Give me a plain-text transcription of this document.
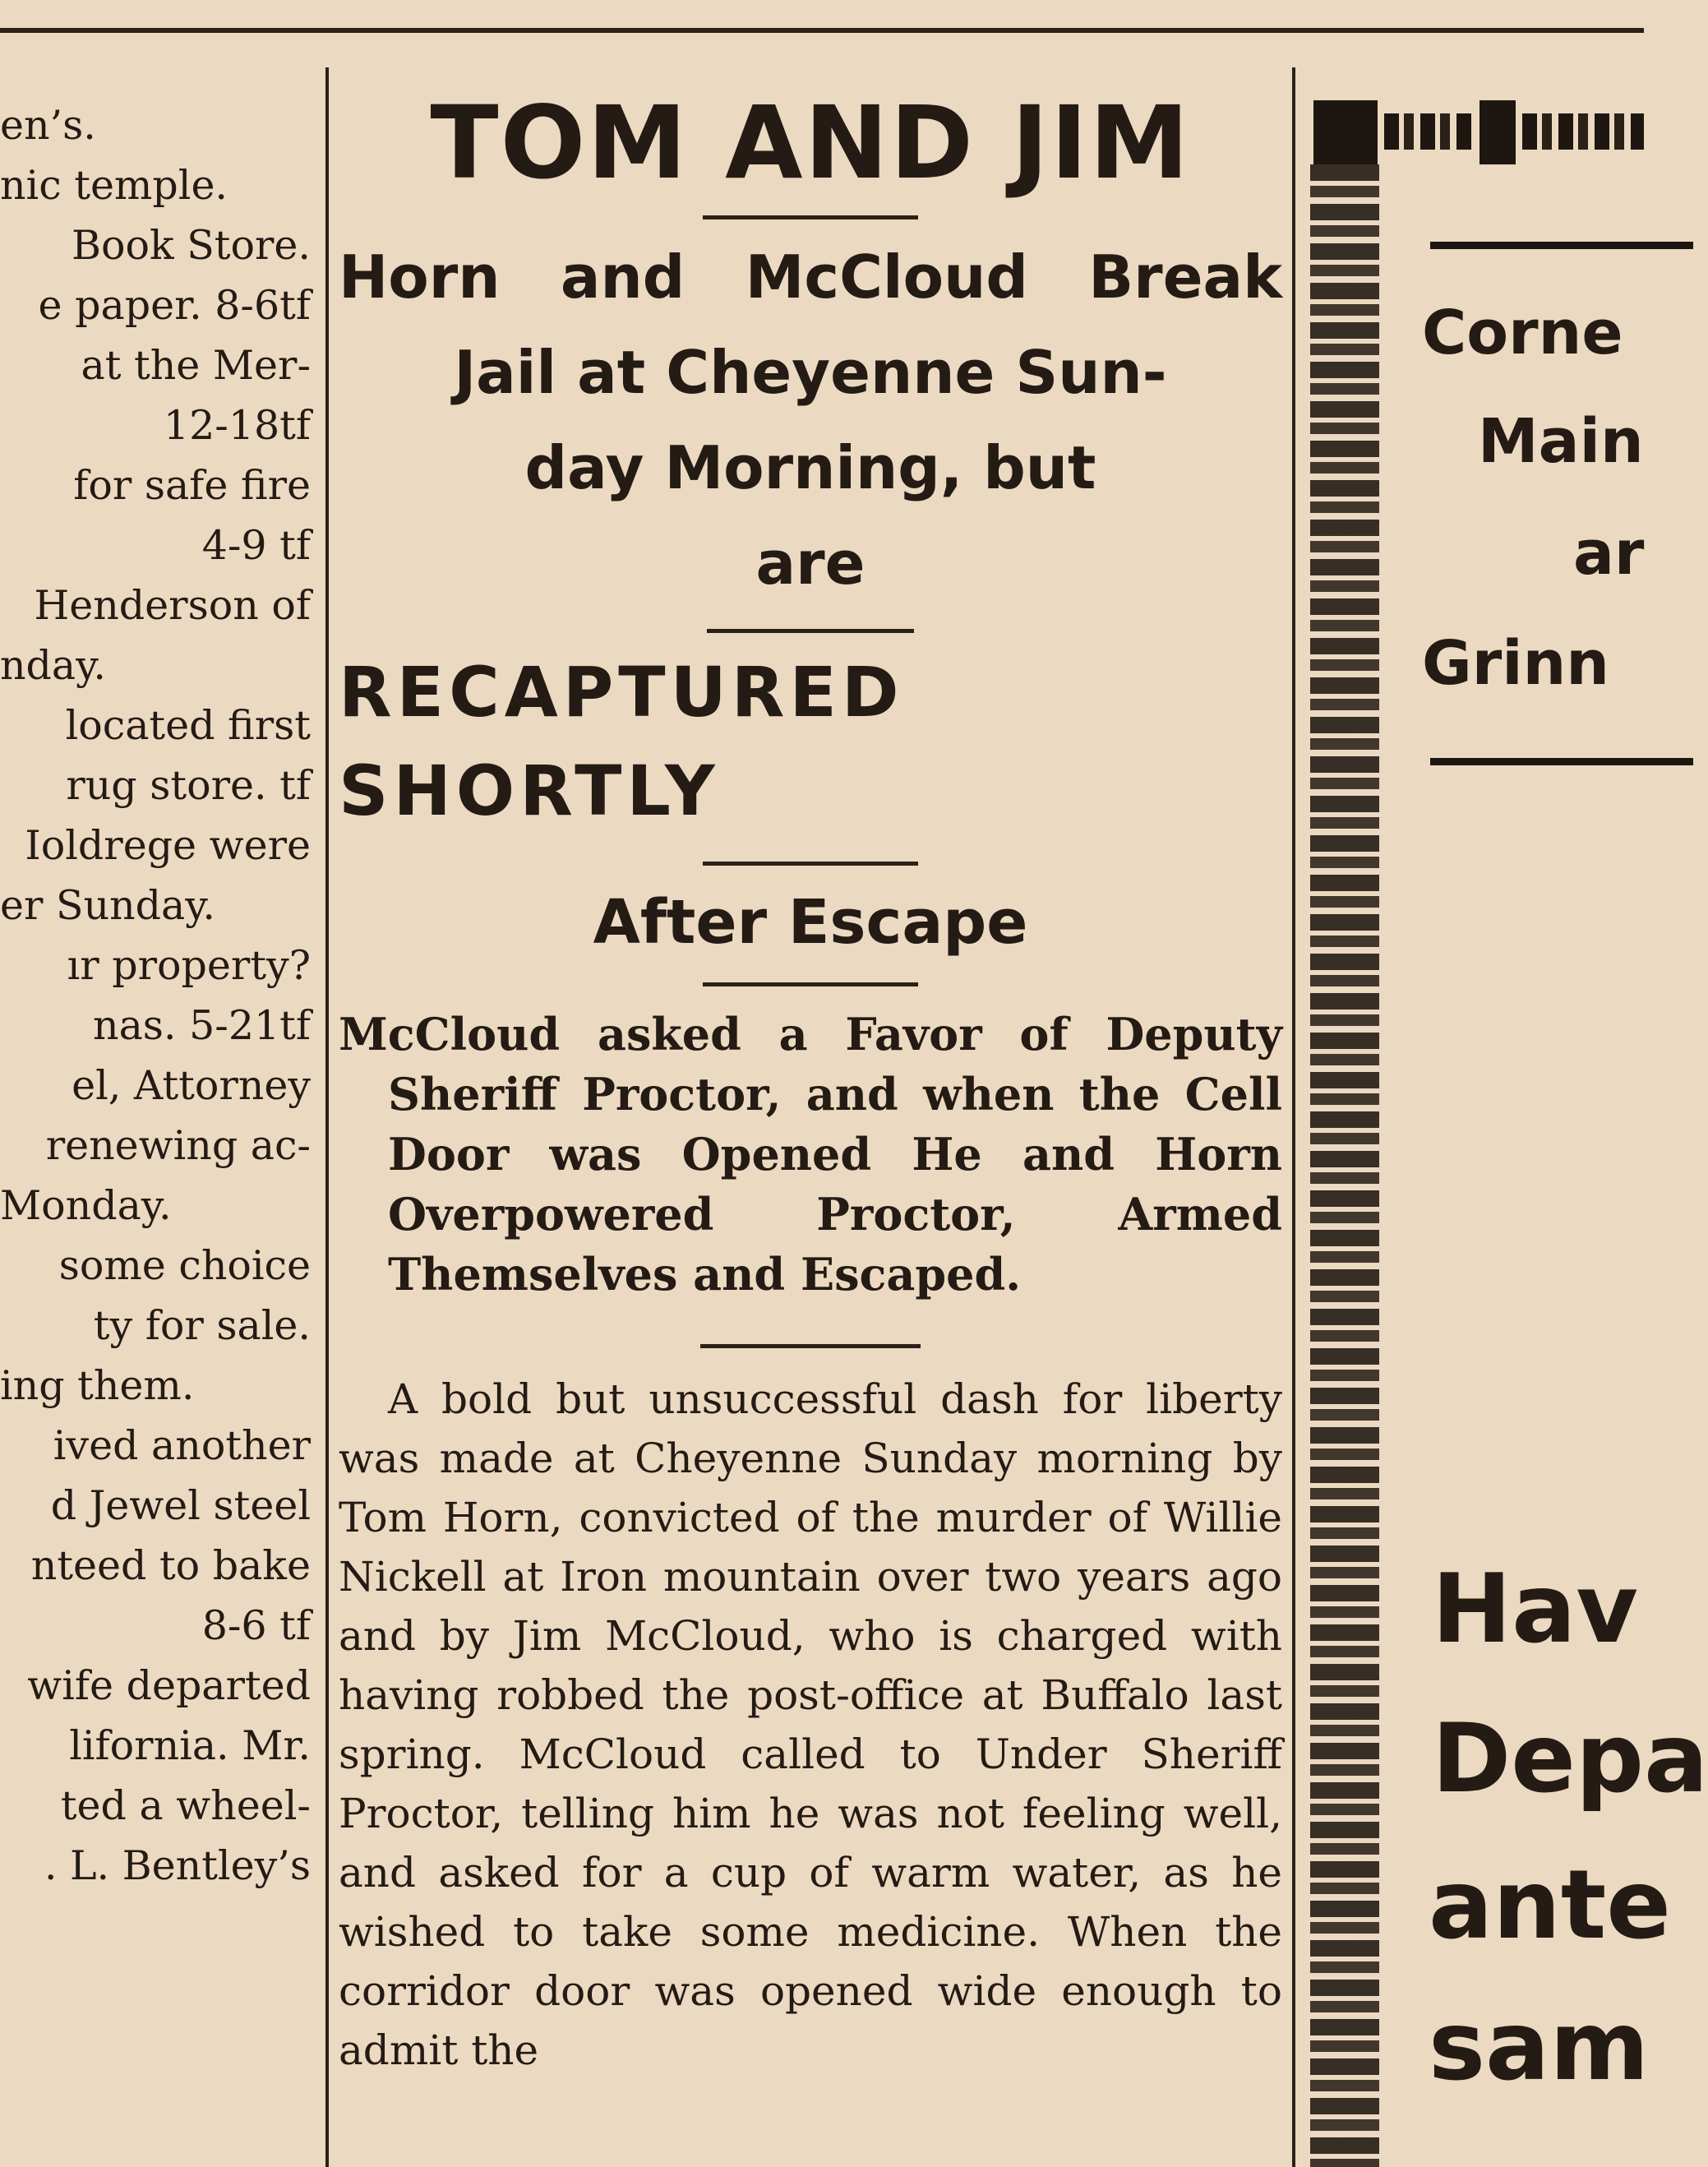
en’s.
nic temple.
Book Store.
e paper. 8-6tf
at the Mer-
12-18tf
for safe fire
4-9 tf
Henderson of
nday.
located first
rug store. tf
Ioldrege were
er Sunday.
ır property?
nas. 5-21tf
el, Attorney
renewing ac-
Monday.
some choice
ty for sale.
ing them.
ived another
d Jewel steel
nteed to bake
8-6 tf
wife departed
lifornia. Mr.
ted a wheel-
. L. Bentley’s
TOM AND JIM
Horn and McCloud Break
Jail at Cheyenne Sun-
day Morning, but
are
RECAPTURED SHORTLY
After Escape

McCloud asked a Favor of Deputy Sheriff Proctor, and when the Cell Door was Opened He and Horn Overpowered Proctor, Armed Themselves and Escaped.

A bold but unsuccessful dash for liberty was made at Cheyenne Sunday morning by Tom Horn, convicted of the murder of Willie Nickell at Iron mountain over two years ago and by Jim McCloud, who is charged with having robbed the post-office at Buffalo last spring. McCloud called to Under Sheriff Proctor, telling him he was not feeling well, and asked for a cup of warm water, as he wished to take some medicine. When the corridor door was opened wide enough to admit the

Corne
Main
ar
Grinn
Hav
Depa
ante
sam
